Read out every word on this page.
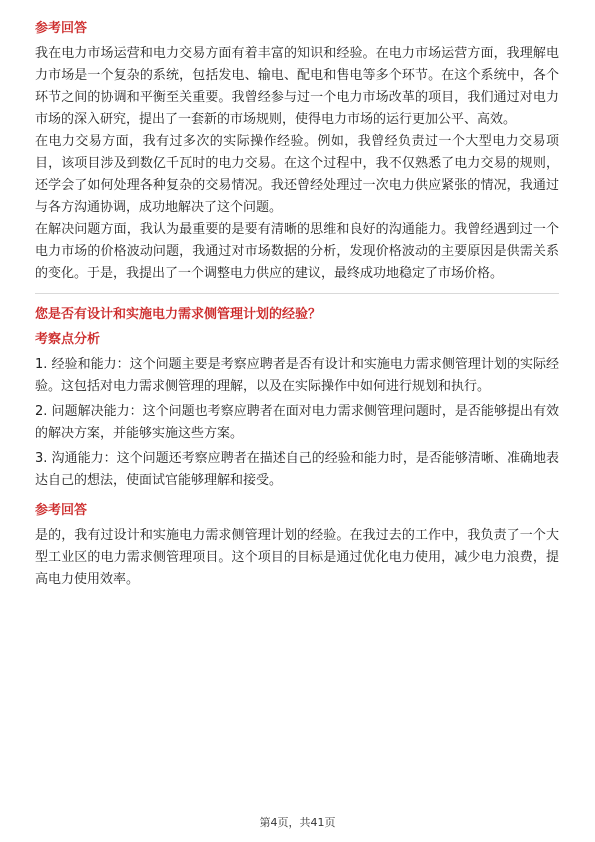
参考回答

我在电力市场运营和电力交易方面有着丰富的知识和经验。在电力市场运营方面，我理解电力市场是一个复杂的系统，包括发电、输电、配电和售电等多个环节。在这个系统中，各个环节之间的协调和平衡至关重要。我曾经参与过一个电力市场改革的项目，我们通过对电力市场的深入研究，提出了一套新的市场规则，使得电力市场的运行更加公平、高效。

在电力交易方面，我有过多次的实际操作经验。例如，我曾经负责过一个大型电力交易项目，该项目涉及到数亿千瓦时的电力交易。在这个过程中，我不仅熟悉了电力交易的规则，还学会了如何处理各种复杂的交易情况。我还曾经处理过一次电力供应紧张的情况，我通过与各方沟通协调，成功地解决了这个问题。

在解决问题方面，我认为最重要的是要有清晰的思维和良好的沟通能力。我曾经遇到过一个电力市场的价格波动问题，我通过对市场数据的分析，发现价格波动的主要原因是供需关系的变化。于是，我提出了一个调整电力供应的建议，最终成功地稳定了市场价格。

您是否有设计和实施电力需求侧管理计划的经验？

考察点分析

1. 经验和能力：这个问题主要是考察应聘者是否有设计和实施电力需求侧管理计划的实际经验。这包括对电力需求侧管理的理解，以及在实际操作中如何进行规划和执行。

2. 问题解决能力：这个问题也考察应聘者在面对电力需求侧管理问题时，是否能够提出有效的解决方案，并能够实施这些方案。

3. 沟通能力：这个问题还考察应聘者在描述自己的经验和能力时，是否能够清晰、准确地表达自己的想法，使面试官能够理解和接受。

参考回答

是的，我有过设计和实施电力需求侧管理计划的经验。在我过去的工作中，我负责了一个大型工业区的电力需求侧管理项目。这个项目的目标是通过优化电力使用，减少电力浪费，提高电力使用效率。

第4页，共41页
